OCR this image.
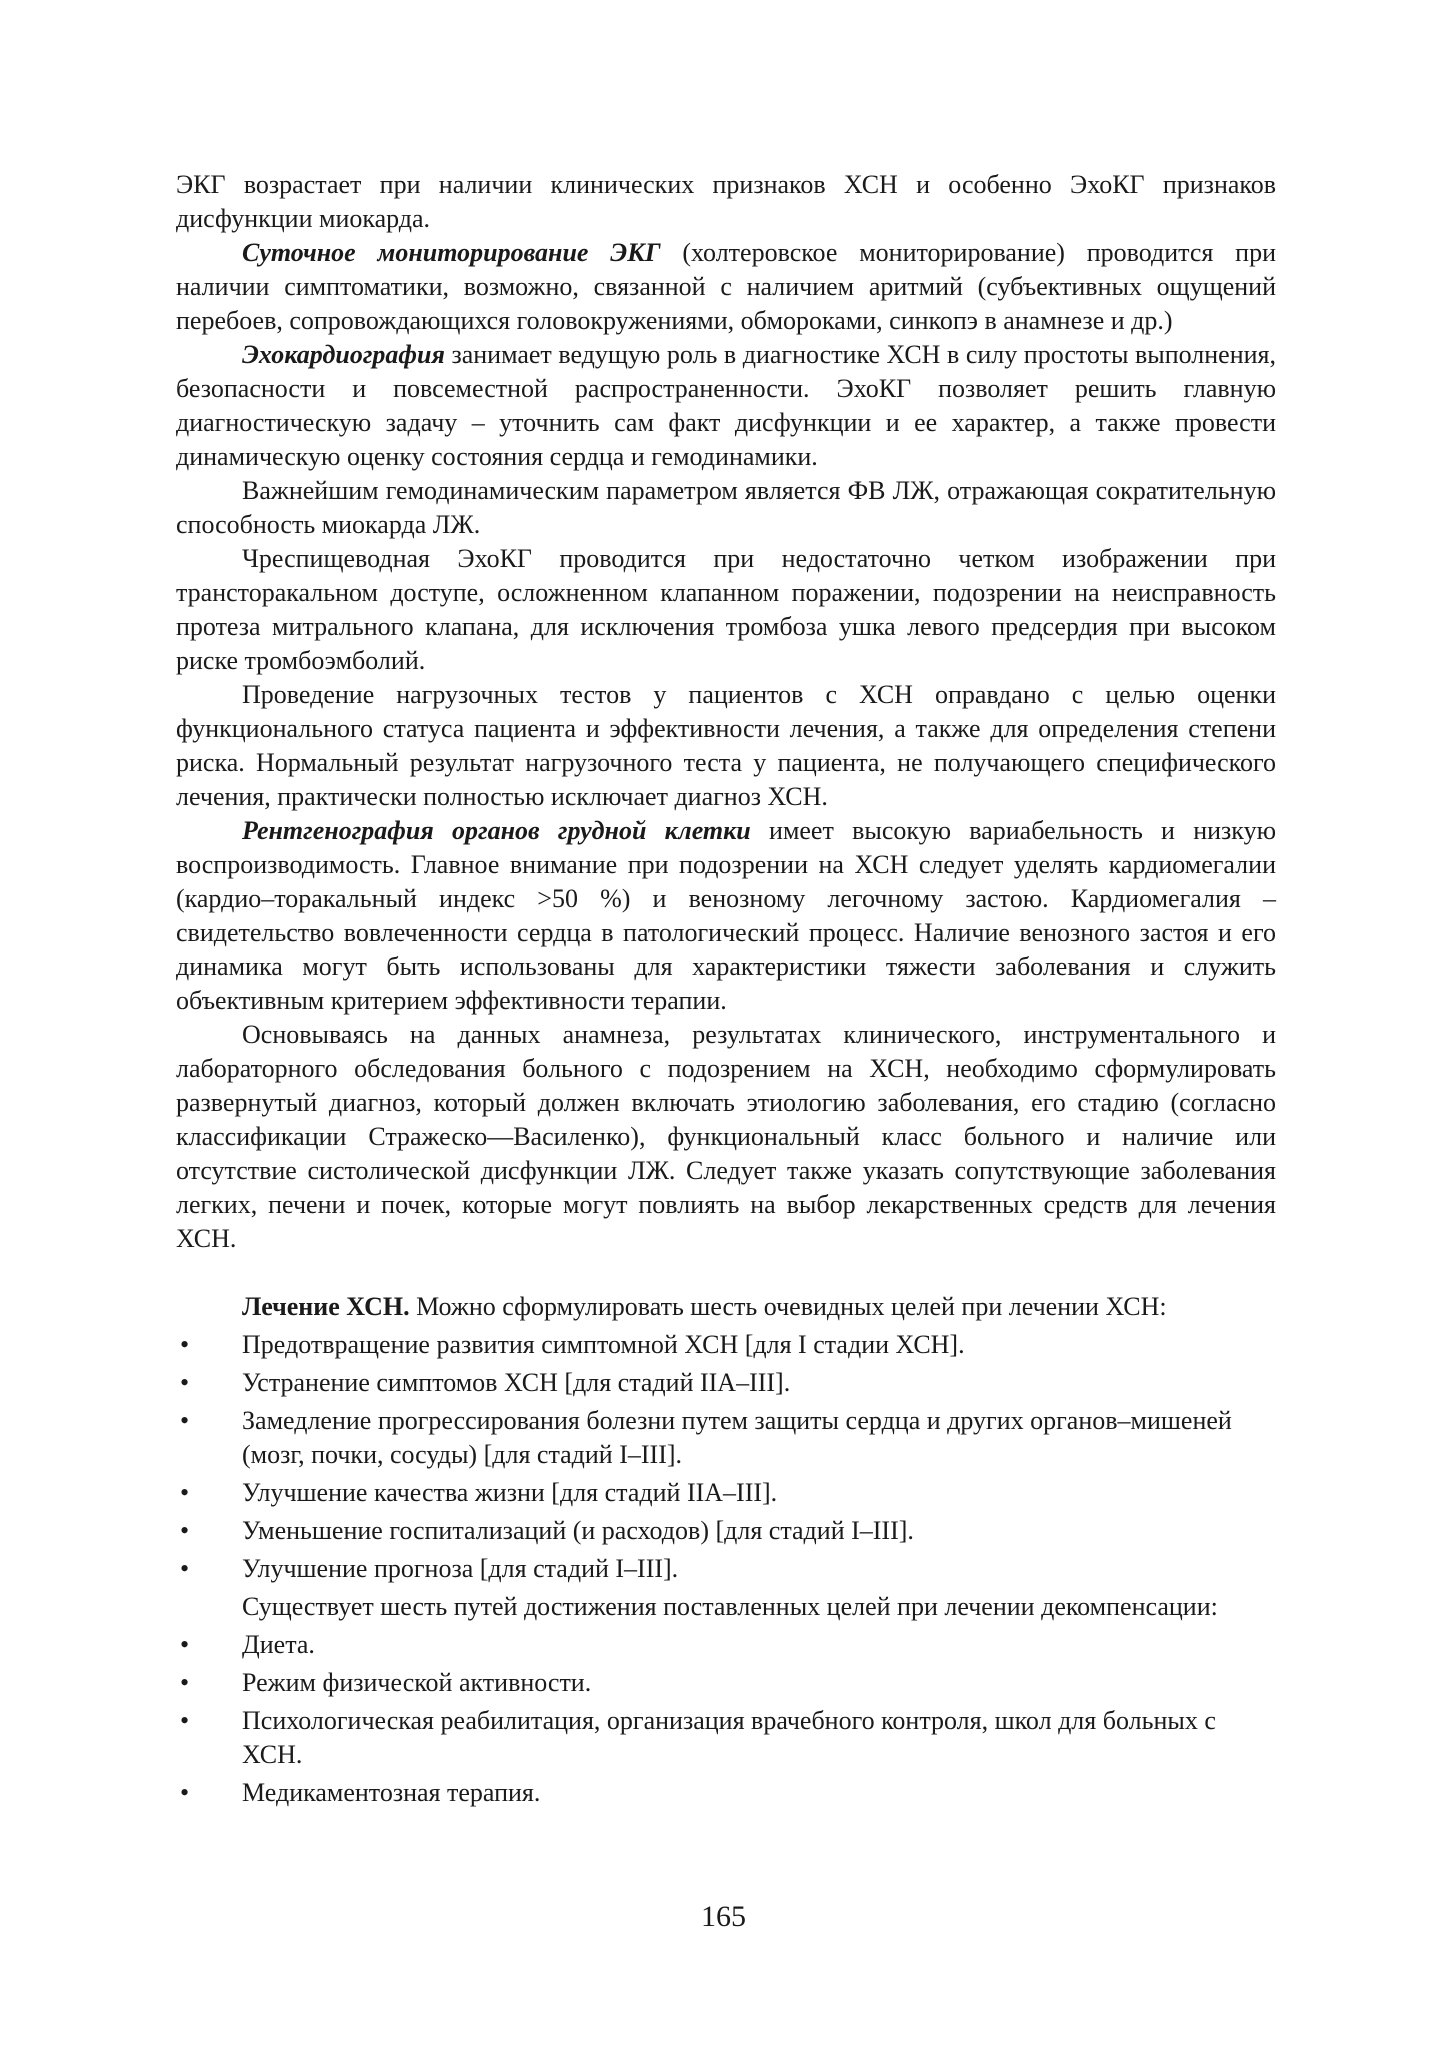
ЭКГ возрастает при наличии клинических признаков ХСН и особенно ЭхоКГ признаков дисфункции миокарда.

Суточное мониторирование ЭКГ (холтеровское мониторирование) проводится при наличии симптоматики, возможно, связанной с наличием аритмий (субъективных ощущений перебоев, сопровождающихся головокружениями, обмороками, синкопэ в анамнезе и др.)

Эхокардиография занимает ведущую роль в диагностике ХСН в силу простоты выполнения, безопасности и повсеместной распространенности. ЭхоКГ позволяет решить главную диагностическую задачу – уточнить сам факт дисфункции и ее характер, а также провести динамическую оценку состояния сердца и гемодинамики.

Важнейшим гемодинамическим параметром является ФВ ЛЖ, отражающая сократительную способность миокарда ЛЖ.

Чреспищеводная ЭхоКГ проводится при недостаточно четком изображении при трансторакальном доступе, осложненном клапанном поражении, подозрении на неисправность протеза митрального клапана, для исключения тромбоза ушка левого предсердия при высоком риске тромбоэмболий.

Проведение нагрузочных тестов у пациентов с ХСН оправдано с целью оценки функционального статуса пациента и эффективности лечения, а также для определения степени риска. Нормальный результат нагрузочного теста у пациента, не получающего специфического лечения, практически полностью исключает диагноз ХСН.

Рентгенография органов грудной клетки имеет высокую вариабельность и низкую воспроизводимость. Главное внимание при подозрении на ХСН следует уделять кардиомегалии (кардио–торакальный индекс >50 %) и венозному легочному застою. Кардиомегалия – свидетельство вовлеченности сердца в патологический процесс. Наличие венозного застоя и его динамика могут быть использованы для характеристики тяжести заболевания и служить объективным критерием эффективности терапии.

Основываясь на данных анамнеза, результатах клинического, инструментального и лабораторного обследования больного с подозрением на ХСН, необходимо сформулировать развернутый диагноз, который должен включать этиологию заболевания, его стадию (согласно классификации Стражеско—Василенко), функциональный класс больного и наличие или отсутствие систолической дисфункции ЛЖ. Следует также указать сопутствующие заболевания легких, печени и почек, которые могут повлиять на выбор лекарственных средств для лечения ХСН.

Лечение ХСН. Можно сформулировать шесть очевидных целей при лечении ХСН:

• Предотвращение развития симптомной ХСН [для I стадии ХСН].
• Устранение симптомов ХСН [для стадий IIA–III].
• Замедление прогрессирования болезни путем защиты сердца и других органов–мишеней (мозг, почки, сосуды) [для стадий I–III].
• Улучшение качества жизни [для стадий IIA–III].
• Уменьшение госпитализаций (и расходов) [для стадий I–III].
• Улучшение прогноза [для стадий I–III].

Существует шесть путей достижения поставленных целей при лечении декомпенсации:

• Диета.
• Режим физической активности.
• Психологическая реабилитация, организация врачебного контроля, школ для больных с ХСН.
• Медикаментозная терапия.
165
